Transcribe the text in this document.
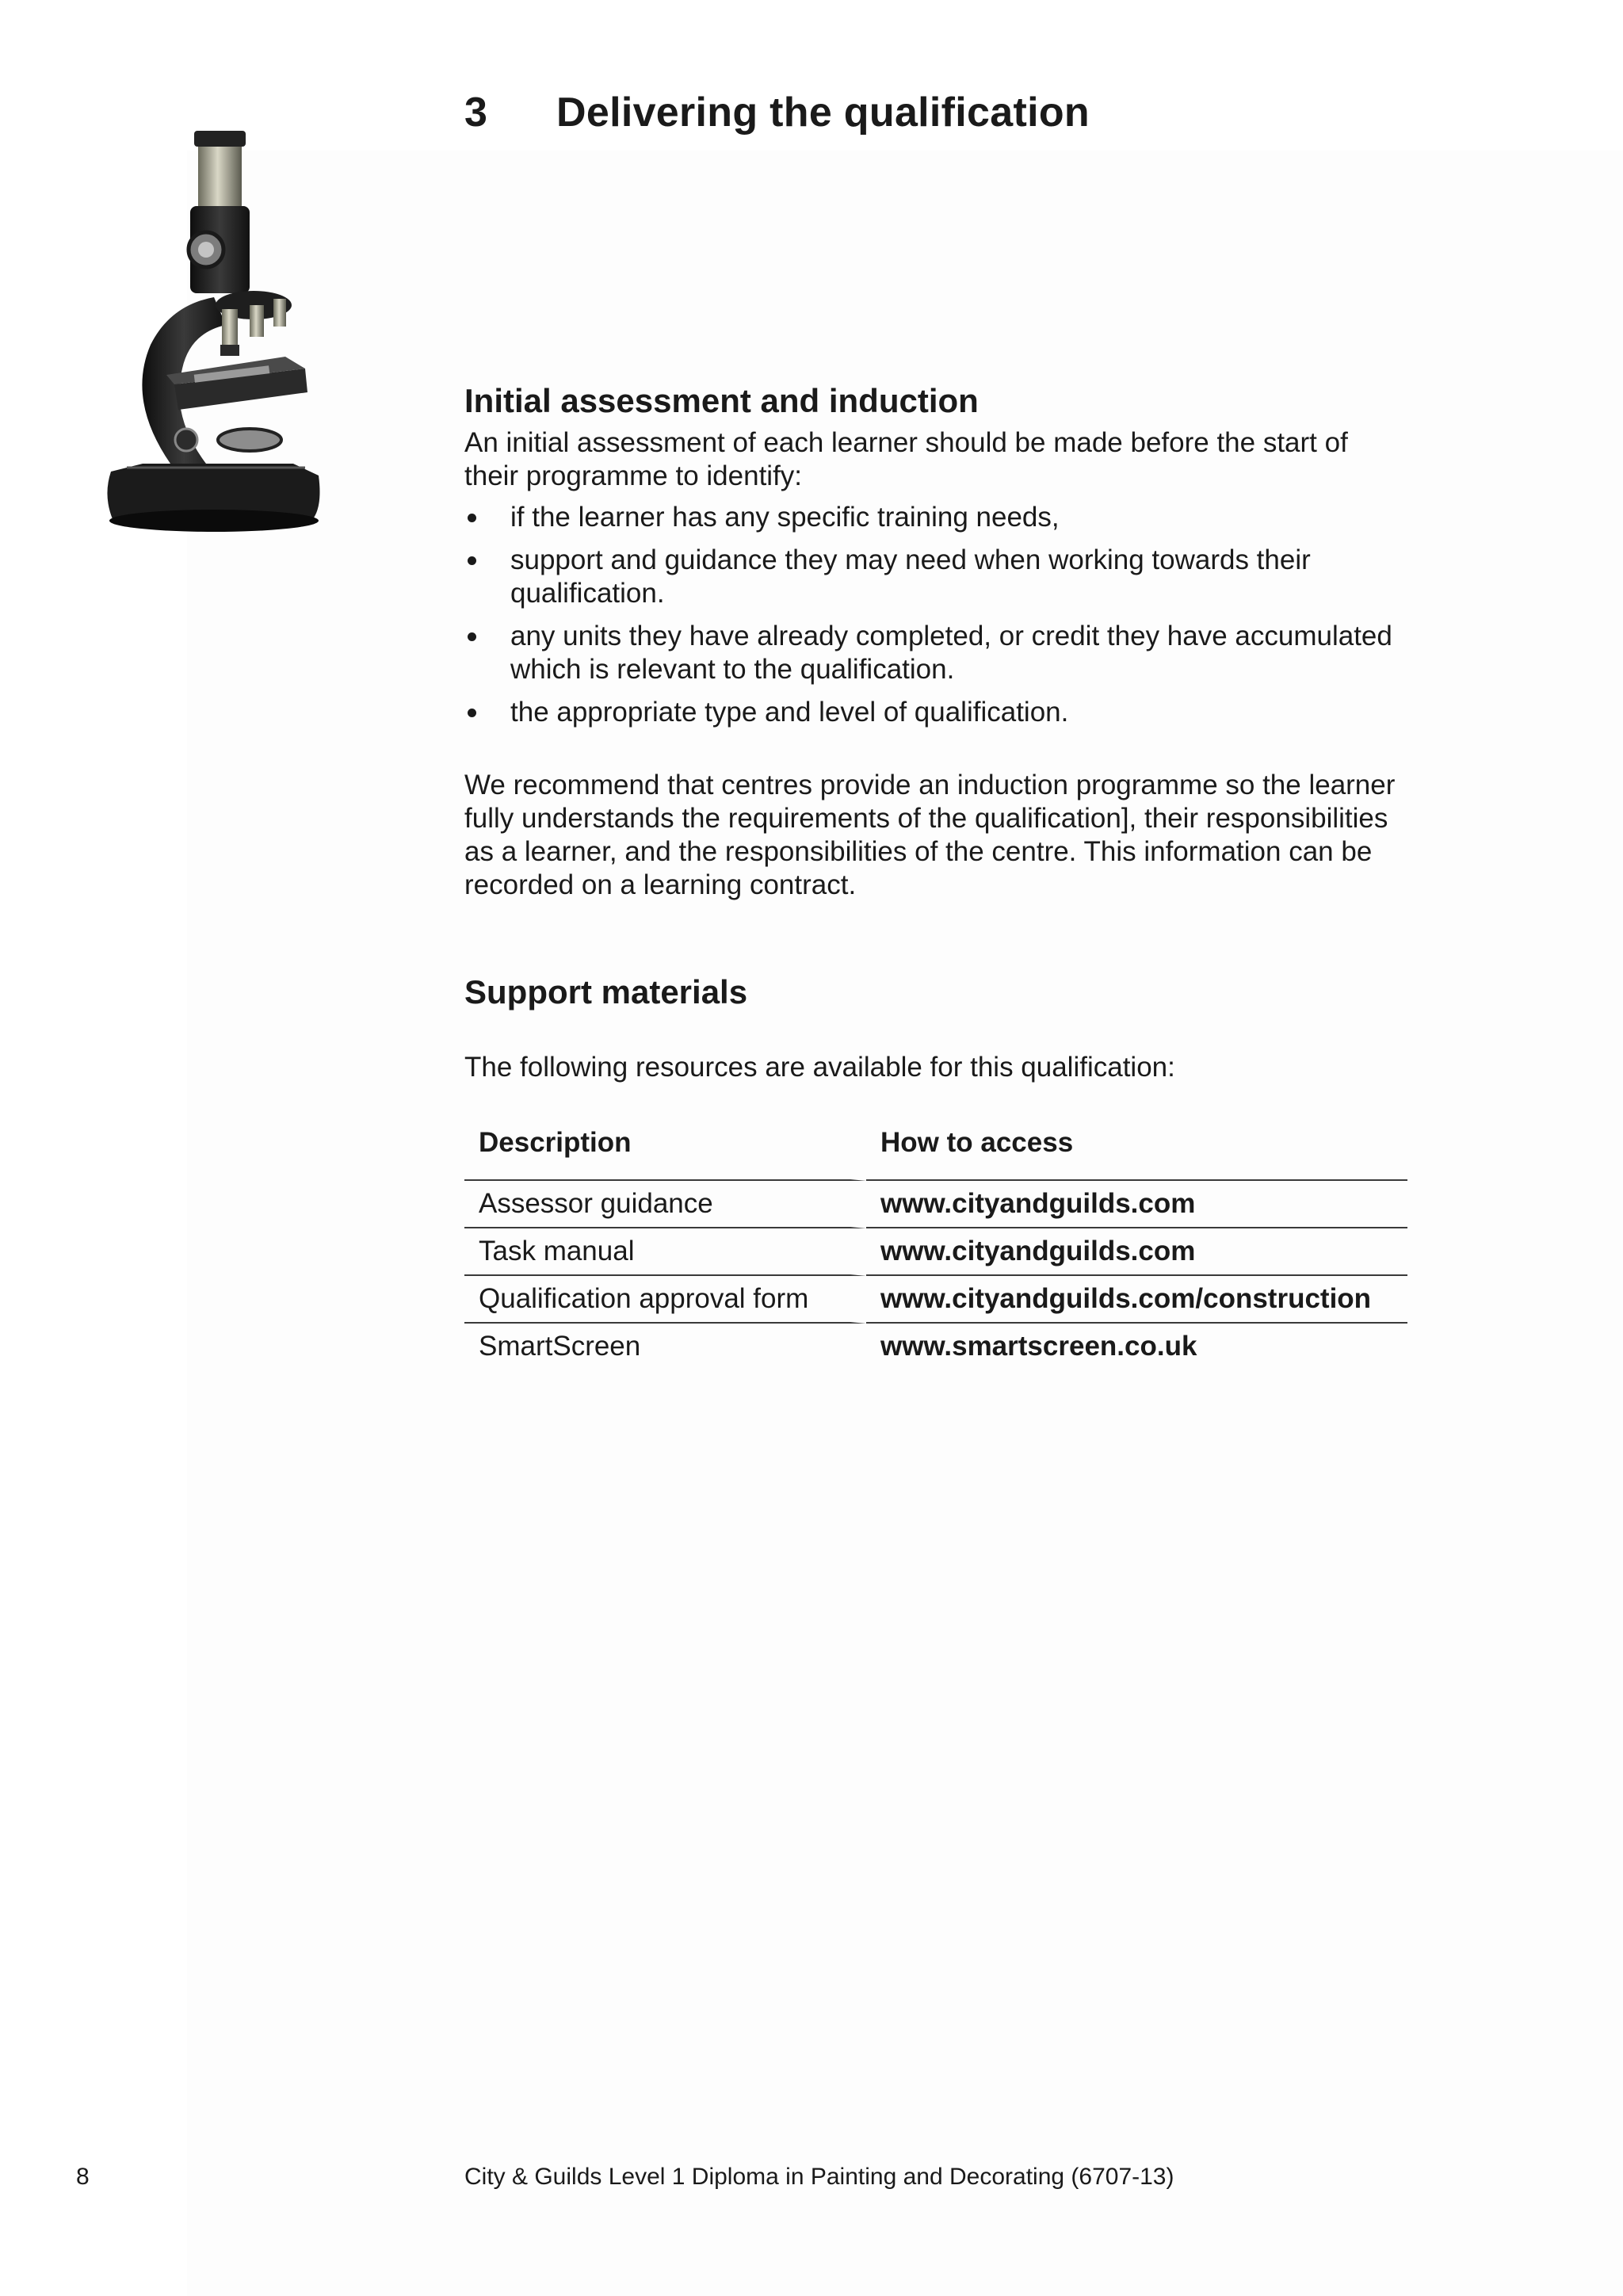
3 Delivering the qualification
Initial assessment and induction

An initial assessment of each learner should be made before the start of their programme to identify:

if the learner has any specific training needs,
support and guidance they may need when working towards their qualification.
any units they have already completed, or credit they have accumulated which is relevant to the qualification.
the appropriate type and level of qualification.

We recommend that centres provide an induction programme so the learner fully understands the requirements of the qualification], their responsibilities as a learner, and the responsibilities of the centre. This information can be recorded on a learning contract.

Support materials

The following resources are available for this qualification:

Description	How to access
Assessor guidance	www.cityandguilds.com
Task manual	www.cityandguilds.com
Qualification approval form	www.cityandguilds.com/construction
SmartScreen	www.smartscreen.co.uk
8	City & Guilds Level 1 Diploma in Painting and Decorating (6707-13)
